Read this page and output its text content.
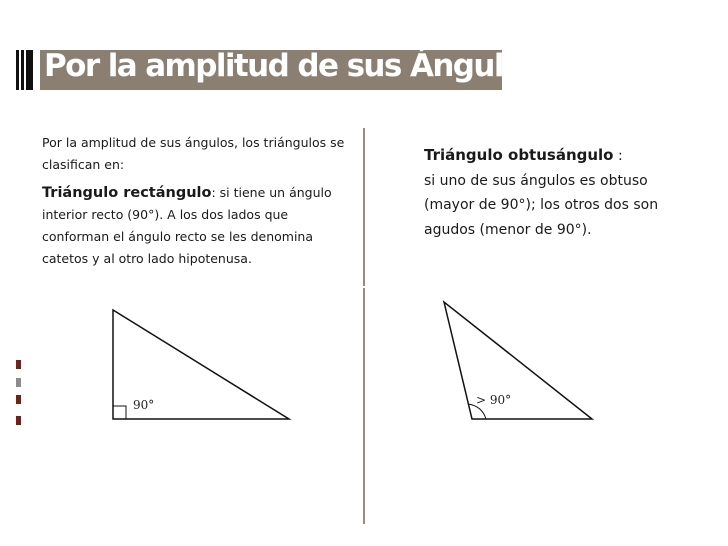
Por la amplitud de sus Ángulos

Por la amplitud de sus ángulos, los triángulos se clasifican en:

Triángulo rectángulo: si tiene un ángulo interior recto (90°). A los dos lados que conforman el ángulo recto se les denomina catetos y al otro lado hipotenusa.

Triángulo obtusángulo :
si uno de sus ángulos es obtuso (mayor de 90°); los otros dos son agudos (menor de 90°).

90°	> 90°
